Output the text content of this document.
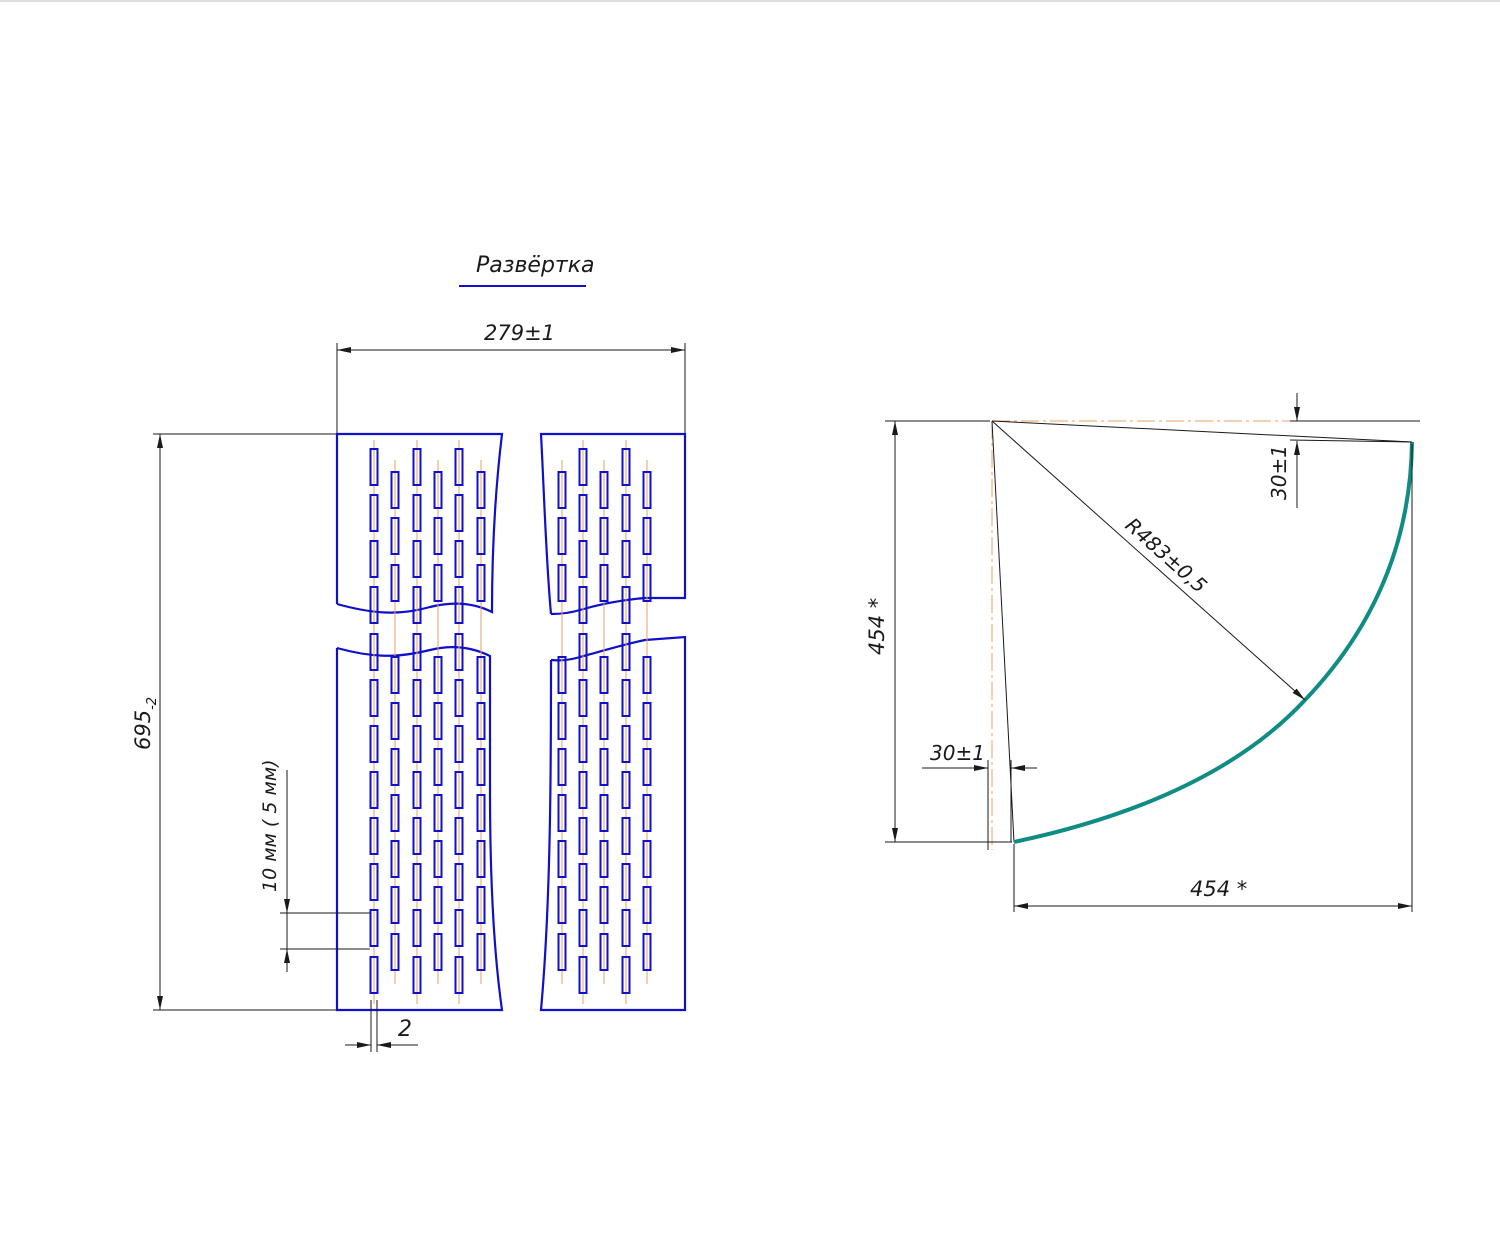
Развёртка
279±1
$695_{-2}$
10 мм ( 5 мм)
2
R483±0,5
454 *
454 *
30±1
30±1
